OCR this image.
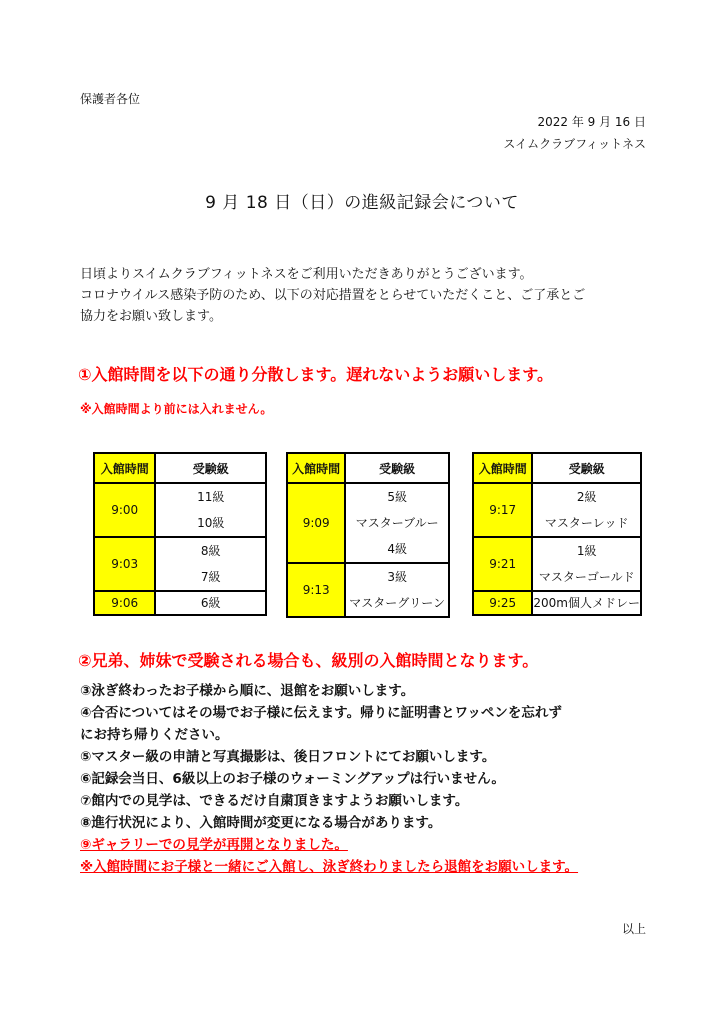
保護者各位
2022 年 9 月 16 日
スイムクラブフィットネス
9 月 18 日（日）の進級記録会について
日頃よりスイムクラブフィットネスをご利用いただきありがとうございます。
コロナウイルス感染予防のため、以下の対応措置をとらせていただくこと、ご了承とご
協力をお願い致します。
①入館時間を以下の通り分散します。遅れないようお願いします。
※入館時間より前には入れません。
入館時間	受験級
9:00	11級
10級

9:03	8級
7級

9:06	6級
入館時間	受験級
9:09	5級
マスターブルー
4級

9:13	3級
マスターグリーン
入館時間	受験級
9:17	2級
マスターレッド

9:21	1級
マスターゴールド

9:25	200m個人メドレー
②兄弟、姉妹で受験される場合も、級別の入館時間となります。
③泳ぎ終わったお子様から順に、退館をお願いします。
④合否についてはその場でお子様に伝えます。帰りに証明書とワッペンを忘れず
にお持ち帰りください。
⑤マスター級の申請と写真撮影は、後日フロントにてお願いします。
⑥記録会当日、6級以上のお子様のウォーミングアップは行いません。
⑦館内での見学は、できるだけ自粛頂きますようお願いします。
⑧進行状況により、入館時間が変更になる場合があります。
⑨ギャラリーでの見学が再開となりました。
※入館時間にお子様と一緒にご入館し、泳ぎ終わりましたら退館をお願いします。
以上
